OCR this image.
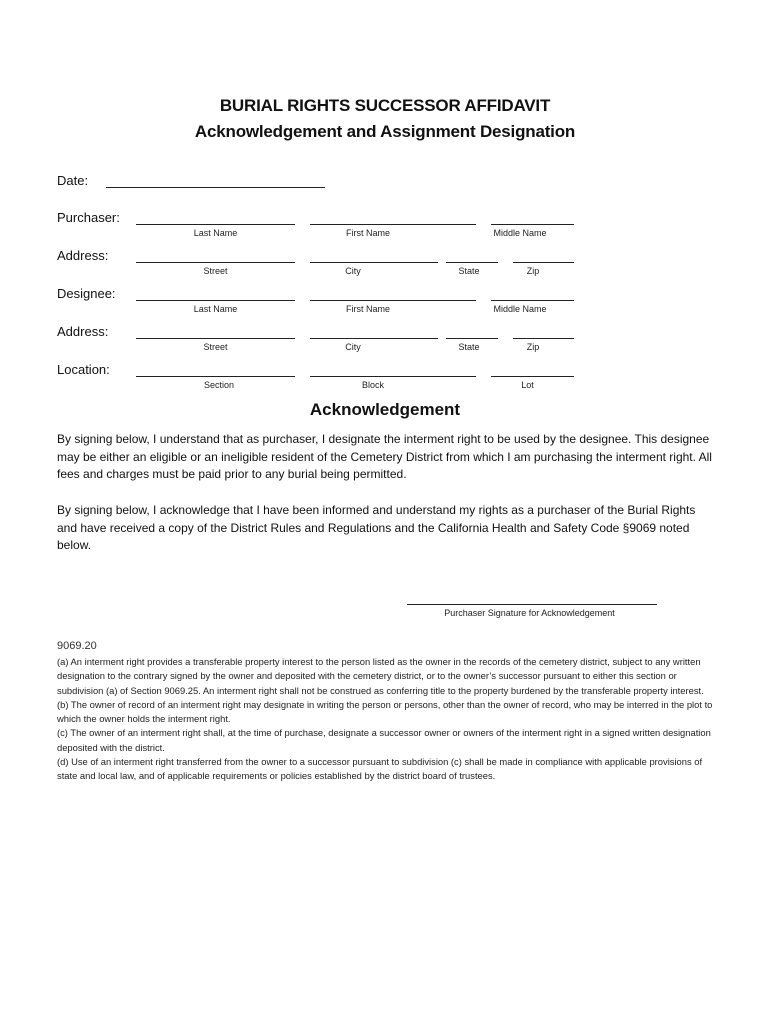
BURIAL RIGHTS SUCCESSOR AFFIDAVIT
Acknowledgement and Assignment Designation
Date:
Purchaser:
Last Name	First Name	Middle Name
Address:
Street	City	State	Zip
Designee:
Last Name	First Name	Middle Name
Address:
Street	City	State	Zip
Location:
Section	Block	Lot
Acknowledgement
By signing below, I understand that as purchaser, I designate the interment right to be used by the designee. This designee may be either an eligible or an ineligible resident of the Cemetery District from which I am purchasing the interment right. All fees and charges must be paid prior to any burial being permitted.
By signing below, I acknowledge that I have been informed and understand my rights as a purchaser of the Burial Rights and have received a copy of the District Rules and Regulations and the California Health and Safety Code §9069 noted below.
Purchaser Signature for Acknowledgement
9069.20

(a) An interment right provides a transferable property interest to the person listed as the owner in the records of the cemetery district, subject to any written designation to the contrary signed by the owner and deposited with the cemetery district, or to the owner’s successor pursuant to either this section or subdivision (a) of Section 9069.25. An interment right shall not be construed as conferring title to the property burdened by the transferable property interest.

(b) The owner of record of an interment right may designate in writing the person or persons, other than the owner of record, who may be interred in the plot to which the owner holds the interment right.

(c) The owner of an interment right shall, at the time of purchase, designate a successor owner or owners of the interment right in a signed written designation deposited with the district.

(d) Use of an interment right transferred from the owner to a successor pursuant to subdivision (c) shall be made in compliance with applicable provisions of state and local law, and of applicable requirements or policies established by the district board of trustees.
